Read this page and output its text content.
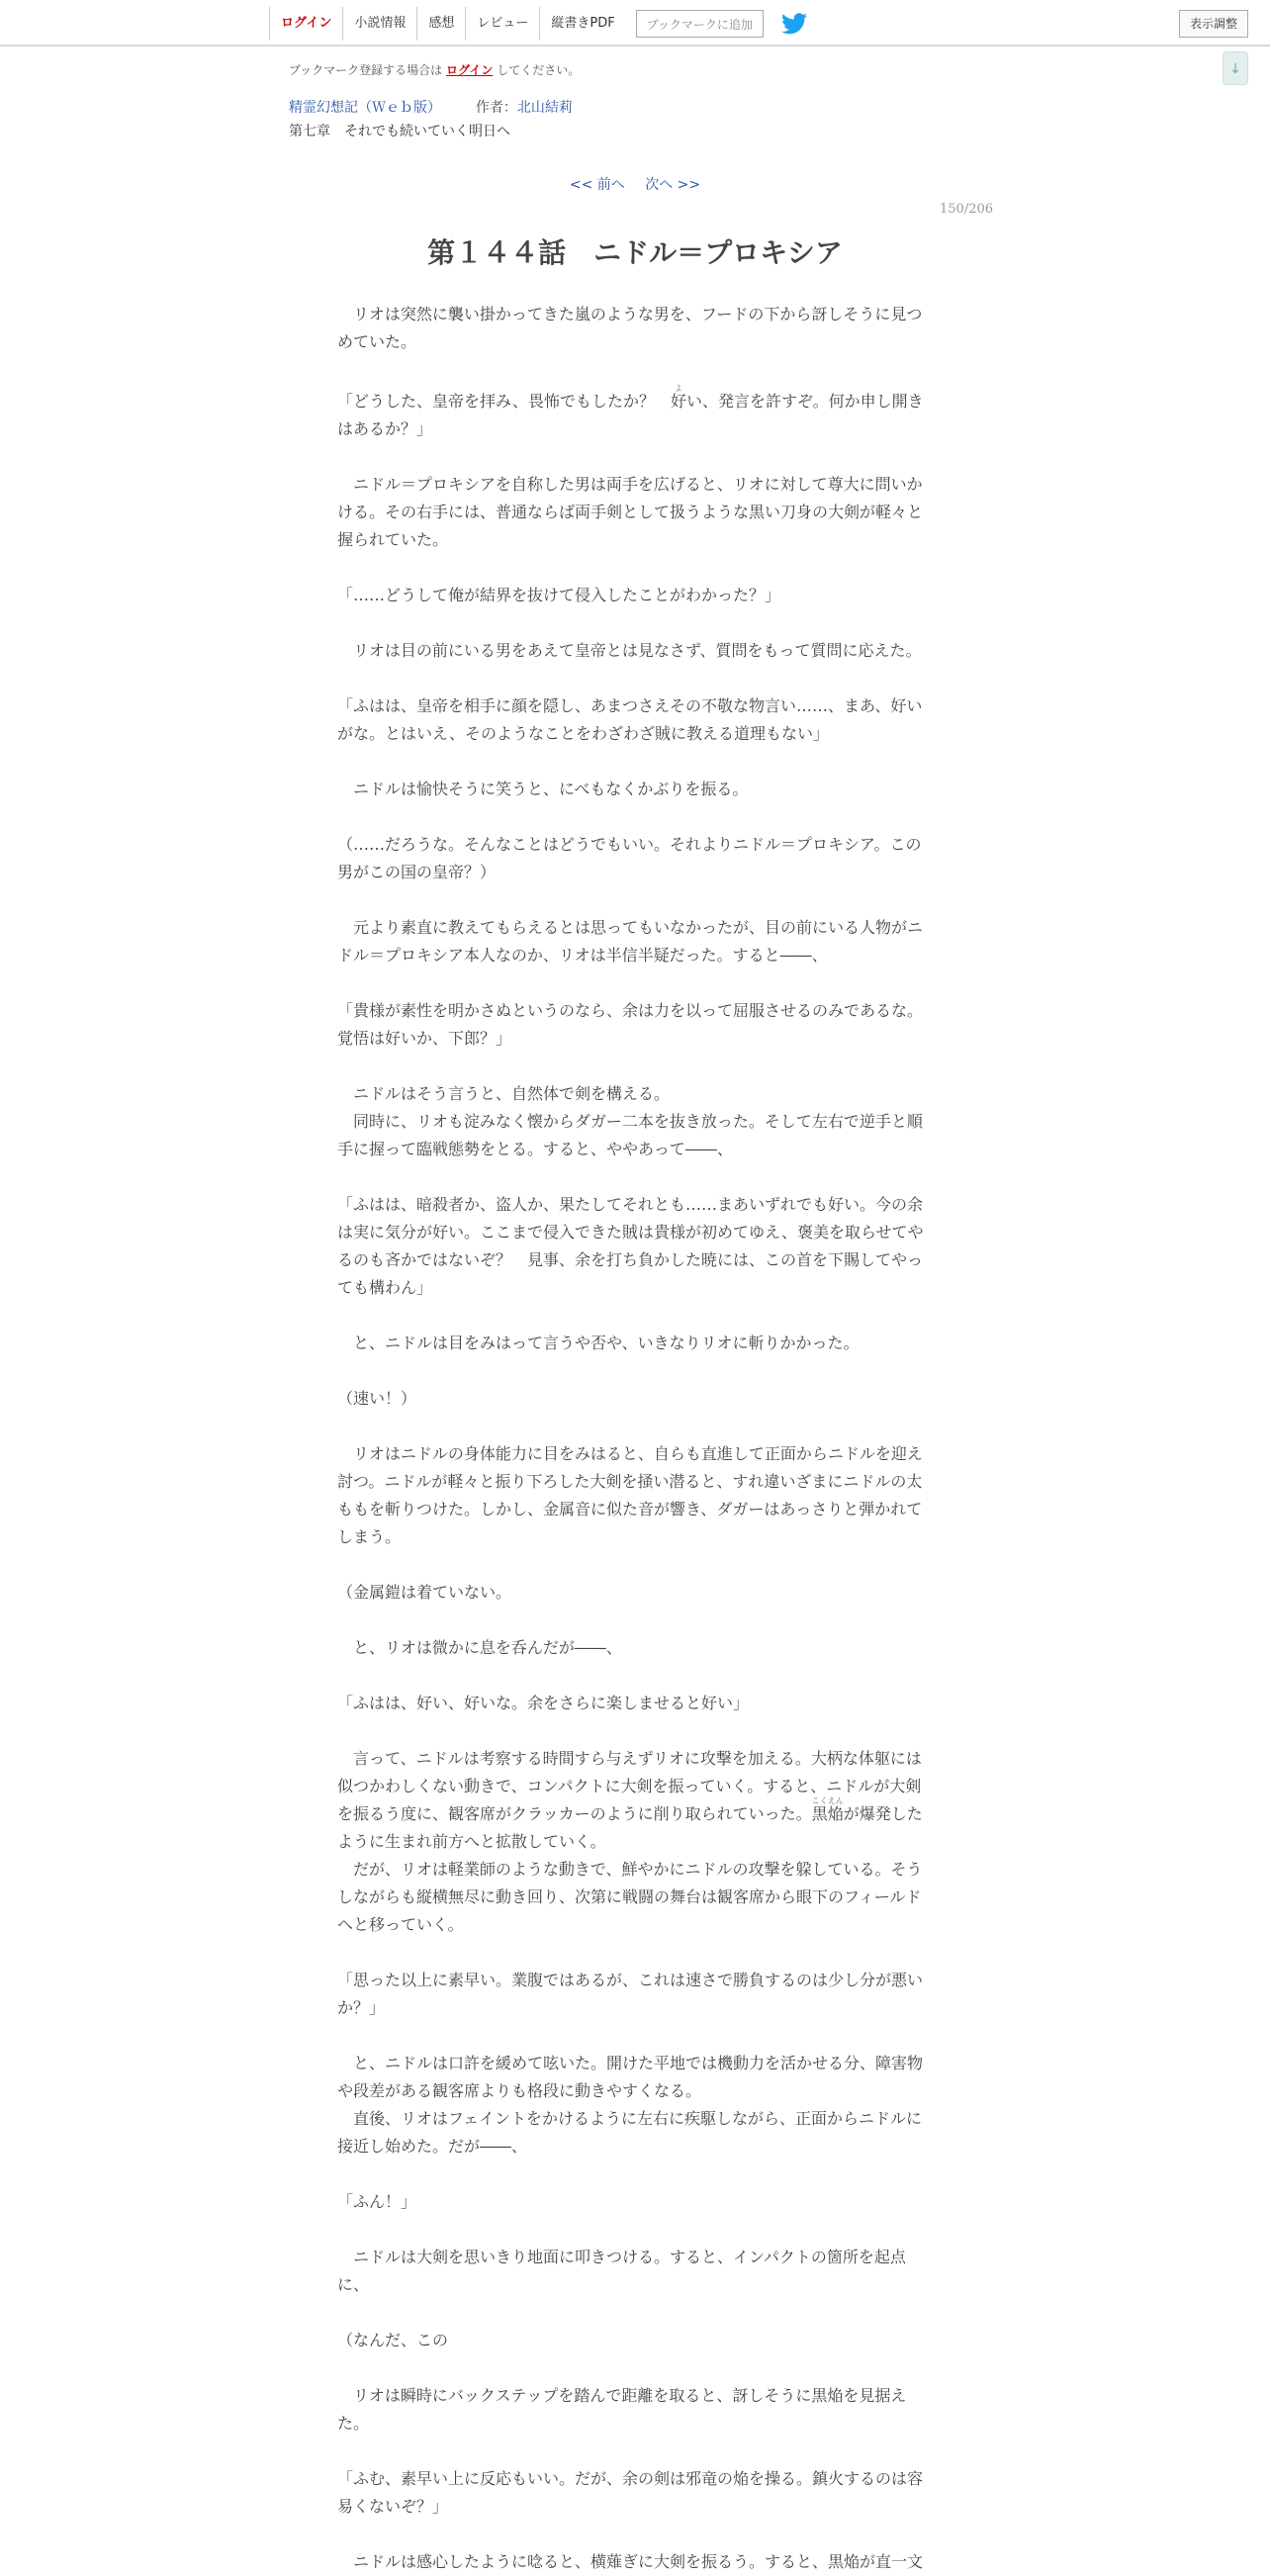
ログイン	小説情報	感想	レビュー	縦書きPDF	ブックマークに追加	表示調整
↓
ブックマーク登録する場合は ログイン してください。
精霊幻想記（Ｗｅｂ版） 作者：北山結莉
第七章　それでも続いていく明日へ
<< 前へ 次へ >>
150/206
第１４４話　ニドル＝プロキシア

　リオは突然に襲い掛かってきた嵐のような男を、フードの下から訝しそうに見つめていた。

「どうした、皇帝を拝み、畏怖でもしたか？　好よい、発言を許すぞ。何か申し開きはあるか？」

　ニドル＝プロキシアを自称した男は両手を広げると、リオに対して尊大に問いかける。その右手には、普通ならば両手剣として扱うような黒い刀身の大剣が軽々と握られていた。

「……どうして俺が結界を抜けて侵入したことがわかった？」

　リオは目の前にいる男をあえて皇帝とは見なさず、質問をもって質問に応えた。

「ふはは、皇帝を相手に顔を隠し、あまつさえその不敬な物言い……、まあ、好いがな。とはいえ、そのようなことをわざわざ賊に教える道理もない」

　ニドルは愉快そうに笑うと、にべもなくかぶりを振る。

（……だろうな。そんなことはどうでもいい。それよりニドル＝プロキシア。この男がこの国の皇帝？）

　元より素直に教えてもらえるとは思ってもいなかったが、目の前にいる人物がニドル＝プロキシア本人なのか、リオは半信半疑だった。すると――、

「貴様が素性を明かさぬというのなら、余は力を以って屈服させるのみであるな。覚悟は好いか、下郎？」

　ニドルはそう言うと、自然体で剣を構える。

　同時に、リオも淀みなく懐からダガー二本を抜き放った。そして左右で逆手と順手に握って臨戦態勢をとる。すると、ややあって――、

「ふはは、暗殺者か、盗人か、果たしてそれとも……まあいずれでも好い。今の余は実に気分が好い。ここまで侵入できた賊は貴様が初めてゆえ、褒美を取らせてやるのも吝かではないぞ？　見事、余を打ち負かした暁には、この首を下賜してやっても構わん」

　と、ニドルは目をみはって言うや否や、いきなりリオに斬りかかった。

（速い！）

　リオはニドルの身体能力に目をみはると、自らも直進して正面からニドルを迎え討つ。ニドルが軽々と振り下ろした大剣を掻い潜ると、すれ違いざまにニドルの太ももを斬りつけた。しかし、金属音に似た音が響き、ダガーはあっさりと弾かれてしまう。

（金属鎧は着ていない。

　と、リオは微かに息を呑んだが――、

「ふはは、好い、好いな。余をさらに楽しませると好い」

　言って、ニドルは考察する時間すら与えずリオに攻撃を加える。大柄な体躯には似つかわしくない動きで、コンパクトに大剣を振っていく。すると、ニドルが大剣を振るう度に、観客席がクラッカーのように削り取られていった。黒焔こくえんが爆発したように生まれ前方へと拡散していく。

　だが、リオは軽業師のような動きで、鮮やかにニドルの攻撃を躱している。そうしながらも縦横無尽に動き回り、次第に戦闘の舞台は観客席から眼下のフィールドへと移っていく。

「思った以上に素早い。業腹ではあるが、これは速さで勝負するのは少し分が悪いか？」

　と、ニドルは口許を緩めて呟いた。開けた平地では機動力を活かせる分、障害物や段差がある観客席よりも格段に動きやすくなる。

　直後、リオはフェイントをかけるように左右に疾駆しながら、正面からニドルに接近し始めた。だが――、

「ふん！」

　ニドルは大剣を思いきり地面に叩きつける。すると、インパクトの箇所を起点に、

（なんだ、この

　リオは瞬時にバックステップを踏んで距離を取ると、訝しそうに黒焔を見据えた。

「ふむ、素早い上に反応もいい。だが、余の剣は邪竜の焔を操る。鎮火するのは容易くないぞ？」

　ニドルは感心したように唸ると、横薙ぎに大剣を振るう。すると、黒焔が直一文
